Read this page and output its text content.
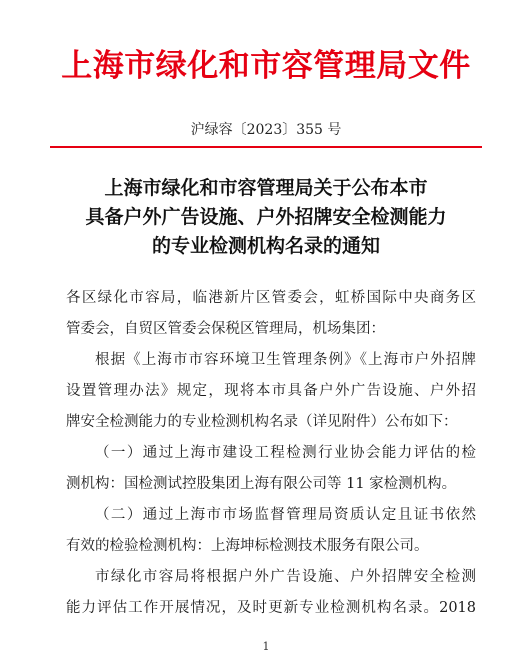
上海市绿化和市容管理局文件
沪绿容〔2023〕355 号
上海市绿化和市容管理局关于公布本市
具备户外广告设施、户外招牌安全检测能力
的专业检测机构名录的通知
各区绿化市容局，临港新片区管委会，虹桥国际中央商务区
管委会，自贸区管委会保税区管理局，机场集团：
根据《上海市市容环境卫生管理条例》《上海市户外招牌
设置管理办法》规定，现将本市具备户外广告设施、户外招
牌安全检测能力的专业检测机构名录（详见附件）公布如下：
（一）通过上海市建设工程检测行业协会能力评估的检
测机构：国检测试控股集团上海有限公司等 11 家检测机构。
（二）通过上海市市场监督管理局资质认定且证书依然
有效的检验检测机构：上海坤标检测技术服务有限公司。
市绿化市容局将根据户外广告设施、户外招牌安全检测
能力评估工作开展情况，及时更新专业检测机构名录。2018
1
